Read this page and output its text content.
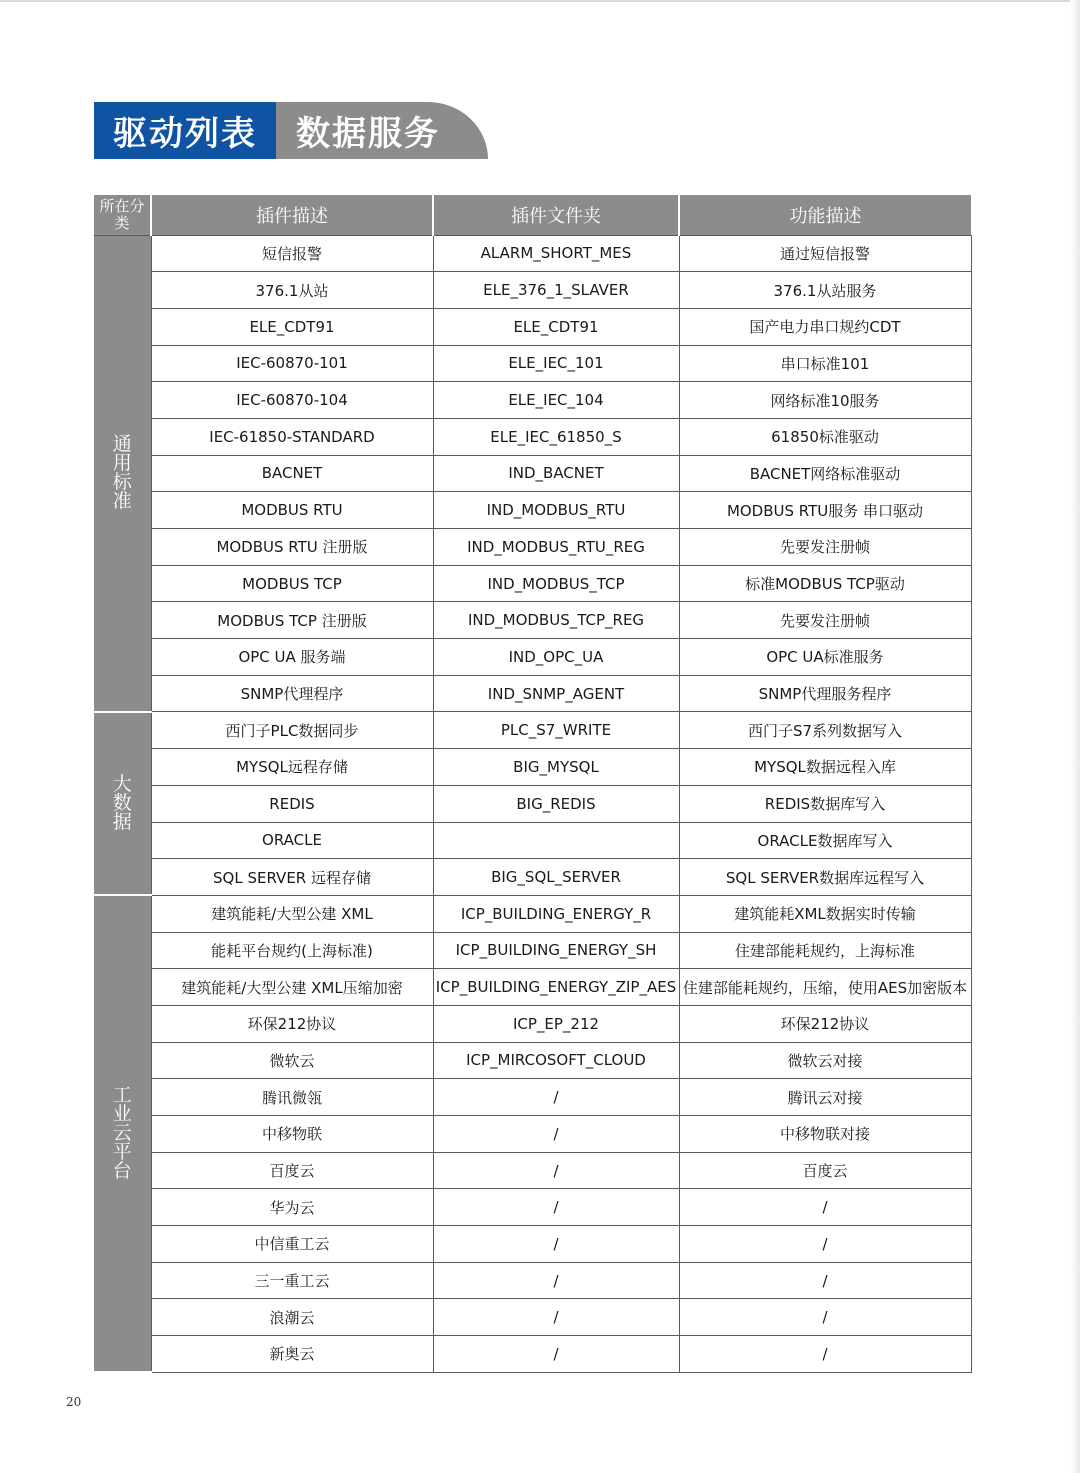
驱动列表	数据服务
所在分类	插件描述	插件文件夹	功能描述
通用标准	短信报警	ALARM_SHORT_MES	通过短信报警
	376.1从站	ELE_376_1_SLAVER	376.1从站服务
	ELE_CDT91	ELE_CDT91	国产电力串口规约CDT
	IEC-60870-101	ELE_IEC_101	串口标准101
	IEC-60870-104	ELE_IEC_104	网络标准10服务
	IEC-61850-STANDARD	ELE_IEC_61850_S	61850标准驱动
	BACNET	IND_BACNET	BACNET网络标准驱动
	MODBUS RTU	IND_MODBUS_RTU	MODBUS RTU服务 串口驱动
	MODBUS RTU 注册版	IND_MODBUS_RTU_REG	先要发注册帧
	MODBUS TCP	IND_MODBUS_TCP	标准MODBUS TCP驱动
	MODBUS TCP 注册版	IND_MODBUS_TCP_REG	先要发注册帧
	OPC UA 服务端	IND_OPC_UA	OPC UA标准服务
	SNMP代理程序	IND_SNMP_AGENT	SNMP代理服务程序
大数据	西门子PLC数据同步	PLC_S7_WRITE	西门子S7系列数据写入
	MYSQL远程存储	BIG_MYSQL	MYSQL数据远程入库
	REDIS	BIG_REDIS	REDIS数据库写入
	ORACLE		ORACLE数据库写入
	SQL SERVER 远程存储	BIG_SQL_SERVER	SQL SERVER数据库远程写入
工业云平台	建筑能耗/大型公建 XML	ICP_BUILDING_ENERGY_R	建筑能耗XML数据实时传输
	能耗平台规约(上海标准)	ICP_BUILDING_ENERGY_SH	住建部能耗规约，上海标准
	建筑能耗/大型公建 XML压缩加密	ICP_BUILDING_ENERGY_ZIP_AES	住建部能耗规约，压缩，使用AES加密版本
	环保212协议	ICP_EP_212	环保212协议
	微软云	ICP_MIRCOSOFT_CLOUD	微软云对接
	腾讯微瓴	/	腾讯云对接
	中移物联	/	中移物联对接
	百度云	/	百度云
	华为云	/	/
	中信重工云	/	/
	三一重工云	/	/
	浪潮云	/	/
	新奥云	/	/
20
